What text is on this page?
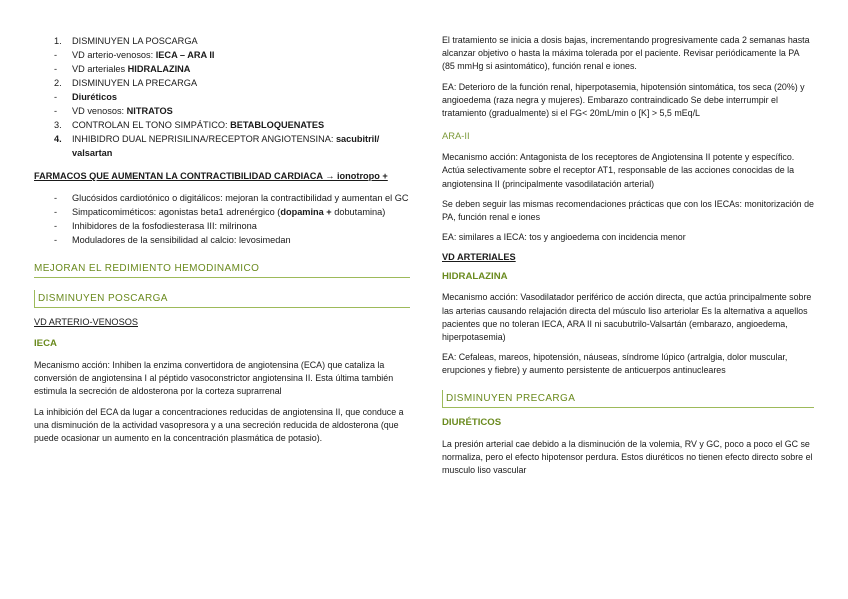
1.	DISMINUYEN LA POSCARGA
-	VD arterio-venosos: IECA – ARA II
-	VD arteriales HIDRALAZINA
2.	DISMINUYEN LA PRECARGA
-	Diuréticos
-	VD venosos: NITRATOS
3.	CONTROLAN EL TONO SIMPÁTICO: BETABLOQUENATES
4.	INHIBIDRO DUAL NEPRISILINA/RECEPTOR ANGIOTENSINA: sacubitril/ valsartan
FARMACOS QUE AUMENTAN LA CONTRACTIBILIDAD CARDIACA → ionotropo +
-	Glucósidos cardiotónico o digitálicos: mejoran la contractibilidad y aumentan el GC
-	Simpaticomiméticos: agonistas beta1 adrenérgico (dopamina + dobutamina)
-	Inhibidores de la fosfodiesterasa III: milrinona
-	Moduladores de la sensibilidad al calcio: levosimedan
MEJORAN EL REDIMIENTO HEMODINAMICO
DISMINUYEN POSCARGA
VD ARTERIO-VENOSOS
IECA

Mecanismo acción: Inhiben la enzima convertidora de angiotensina (ECA) que cataliza la conversión de angiotensina I al péptido vasoconstrictor angiotensina II. Esta última también estimula la secreción de aldosterona por la corteza suprarrenal

La inhibición del ECA da lugar a concentraciones reducidas de angiotensina II, que conduce a una disminución de la actividad vasopresora y a una secreción reducida de aldosterona (que puede ocasionar un aumento en la concentración plasmática de potasio).

El tratamiento se inicia a dosis bajas, incrementando progresivamente cada 2 semanas hasta alcanzar objetivo o hasta la máxima tolerada por el paciente. Revisar periódicamente la PA (85 mmHg si asintomático), función renal e iones.

EA: Deterioro de la función renal, hiperpotasemia, hipotensión sintomática, tos seca (20%) y angioedema (raza negra y mujeres). Embarazo contraindicado Se debe interrumpir el tratamiento (gradualmente) si el FG< 20mL/min o [K] > 5,5 mEq/L

ARA-II

Mecanismo acción: Antagonista de los receptores de Angiotensina II potente y específico. Actúa selectivamente sobre el receptor AT1, responsable de las acciones conocidas de la angiotensina II (principalmente vasodilatación arterial)

Se deben seguir las mismas recomendaciones prácticas que con los IECAs: monitorización de PA, función renal e iones

EA: similares a IECA: tos y angioedema con incidencia menor

VD ARTERIALES
HIDRALAZINA

Mecanismo acción: Vasodilatador periférico de acción directa, que actúa principalmente sobre las arterias causando relajación directa del músculo liso arteriolar Es la alternativa a aquellos pacientes que no toleran IECA, ARA II ni sacubutrilo-Valsartán (embarazo, angioedema, hiperpotasemia)

EA: Cefaleas, mareos, hipotensión, náuseas, síndrome lúpico (artralgia, dolor muscular, erupciones y fiebre) y aumento persistente de anticuerpos antinucleares

DISMINUYEN PRECARGA
DIURÉTICOS

La presión arterial cae debido a la disminución de la volemia, RV y GC, poco a poco el GC se normaliza, pero el efecto hipotensor perdura. Estos diuréticos no tienen efecto directo sobre el musculo liso vascular
